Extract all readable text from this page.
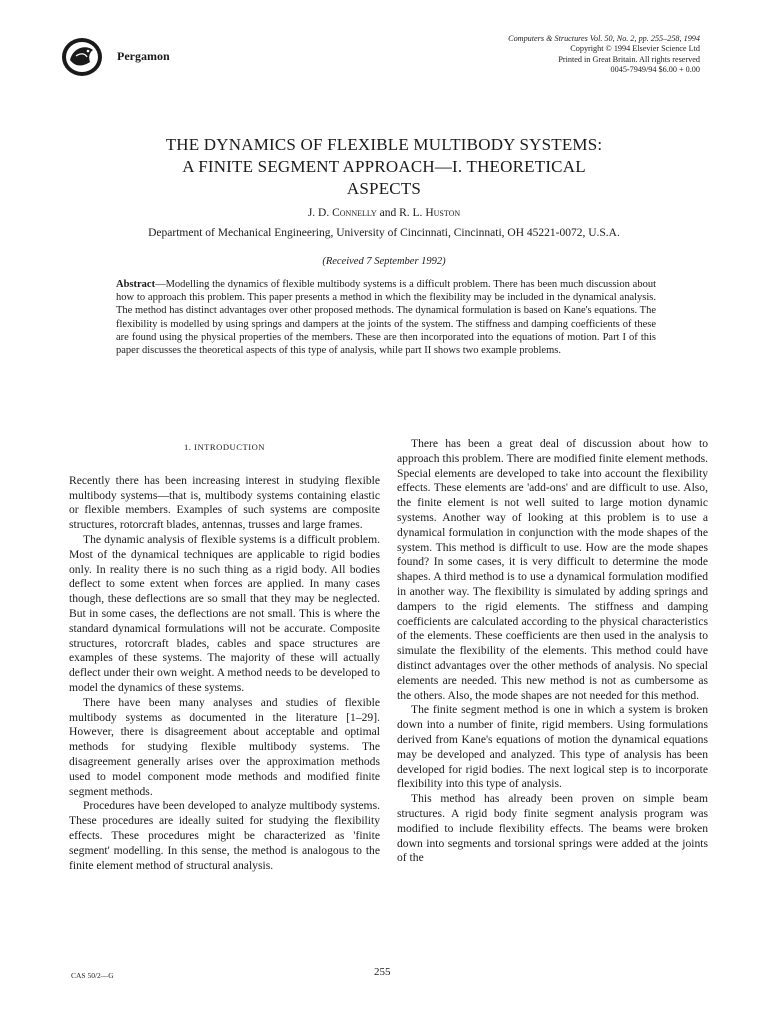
Pergamon
Computers & Structures Vol. 50, No. 2, pp. 255–258, 1994
Copyright © 1994 Elsevier Science Ltd
Printed in Great Britain. All rights reserved
0045-7949/94 $6.00 + 0.00
THE DYNAMICS OF FLEXIBLE MULTIBODY SYSTEMS:
A FINITE SEGMENT APPROACH—I. THEORETICAL
ASPECTS
J. D. Connelly and R. L. Huston
Department of Mechanical Engineering, University of Cincinnati, Cincinnati, OH 45221-0072, U.S.A.
(Received 7 September 1992)

Abstract—Modelling the dynamics of flexible multibody systems is a difficult problem. There has been much discussion about how to approach this problem. This paper presents a method in which the flexibility may be included in the dynamical analysis. The method has distinct advantages over other proposed methods. The dynamical formulation is based on Kane's equations. The flexibility is modelled by using springs and dampers at the joints of the system. The stiffness and damping coefficients of these are found using the physical properties of the members. These are then incorporated into the equations of motion. Part I of this paper discusses the theoretical aspects of this type of analysis, while part II shows two example problems.

1. INTRODUCTION

Recently there has been increasing interest in studying flexible multibody systems—that is, multibody systems containing elastic or flexible members. Examples of such systems are composite structures, rotorcraft blades, antennas, trusses and large frames.

The dynamic analysis of flexible systems is a difficult problem. Most of the dynamical techniques are applicable to rigid bodies only. In reality there is no such thing as a rigid body. All bodies deflect to some extent when forces are applied. In many cases though, these deflections are so small that they may be neglected. But in some cases, the deflections are not small. This is where the standard dynamical formulations will not be accurate. Composite structures, rotorcraft blades, cables and space structures are examples of these systems. The majority of these will actually deflect under their own weight. A method needs to be developed to model the dynamics of these systems.

There have been many analyses and studies of flexible multibody systems as documented in the literature [1–29]. However, there is disagreement about acceptable and optimal methods for studying flexible multibody systems. The disagreement generally arises over the approximation methods used to model component mode methods and modified finite segment methods.

Procedures have been developed to analyze multibody systems. These procedures are ideally suited for studying the flexibility effects. These procedures might be characterized as 'finite segment' modelling. In this sense, the method is analogous to the finite element method of structural analysis.

There has been a great deal of discussion about how to approach this problem. There are modified finite element methods. Special elements are developed to take into account the flexibility effects. These elements are 'add-ons' and are difficult to use. Also, the finite element is not well suited to large motion dynamic systems. Another way of looking at this problem is to use a dynamical formulation in conjunction with the mode shapes of the system. This method is difficult to use. How are the mode shapes found? In some cases, it is very difficult to determine the mode shapes. A third method is to use a dynamical formulation modified in another way. The flexibility is simulated by adding springs and dampers to the rigid elements. The stiffness and damping coefficients are calculated according to the physical characteristics of the elements. These coefficients are then used in the analysis to simulate the flexibility of the elements. This method could have distinct advantages over the other methods of analysis. No special elements are needed. This new method is not as cumbersome as the others. Also, the mode shapes are not needed for this method.

The finite segment method is one in which a system is broken down into a number of finite, rigid members. Using formulations derived from Kane's equations of motion the dynamical equations may be developed and analyzed. This type of analysis has been developed for rigid bodies. The next logical step is to incorporate flexibility into this type of analysis.

This method has already been proven on simple beam structures. A rigid body finite segment analysis program was modified to include flexibility effects. The beams were broken down into segments and torsional springs were added at the joints of the

CAS 50/2—G	255
